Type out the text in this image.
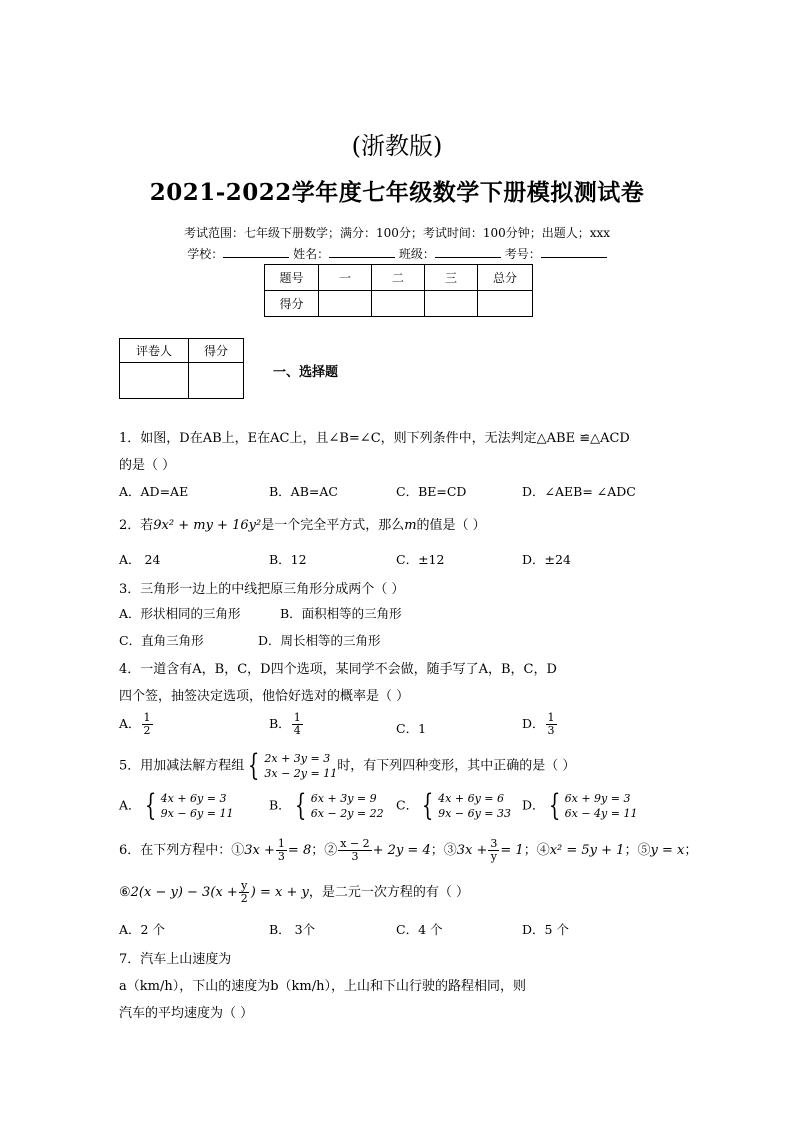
(浙教版)
2021-2022学年度七年级数学下册模拟测试卷
考试范围：七年级下册数学；满分：100分；考试时间：100分钟；出题人；xxx
学校：	姓名：	班级：	考号：
题号	一	二	三	总分
得分				
评卷人	得分

一、选择题
1．如图，D在AB上，E在AC上，且∠B=∠C，则下列条件中，无法判定△ABE ≌△ACD
的是（ ）
A．AD=AE	B．AB=AC	C．BE=CD	D．∠AEB= ∠ADC
2．若9x² + my + 16y²是一个完全平方式，那么m的值是（ ）
A． 24	B．12	C．±12	D．±24
3．三角形一边上的中线把原三角形分成两个（ ）
A．形状相同的三角形	B．面积相等的三角形
C．直角三角形	D．周长相等的三角形
4．一道含有A，B，C，D四个选项，某同学不会做，随手写了A，B，C，D
四个签，抽签决定选项，他恰好选对的概率是（ ）
A． $\frac{1}{2}$	B． $\frac{1}{4}$	C．1	D． $\frac{1}{3}$
5．用加减法解方程组 { 2x + 3y = 3
3x − 2y = 11 时，有下列四种变形，其中正确的是（ ）
A． { 4x + 6y = 3
9x − 6y = 11
B． { 6x + 3y = 9
6x − 2y = 22
C． { 4x + 6y = 6
9x − 6y = 33
D． { 6x + 9y = 3
6x − 4y = 11
6．在下列方程中：①3x + $\frac{1}{3} = 8$；② $\frac{x - 2}{3} + 2y = 4$；③3x + $\frac{3}{y} = 1$；④x² = 5y + 1；⑤y = x；
⑥2(x − $y) - 3(x + \frac{y}{2}$ ) = x + y，是二元一次方程的有（ ）
A．2 个	B． 3个	C．4 个	D．5 个
7．汽车上山速度为
a（km/h），下山的速度为b（km/h），上山和下山行驶的路程相同，则
汽车的平均速度为（ ）
